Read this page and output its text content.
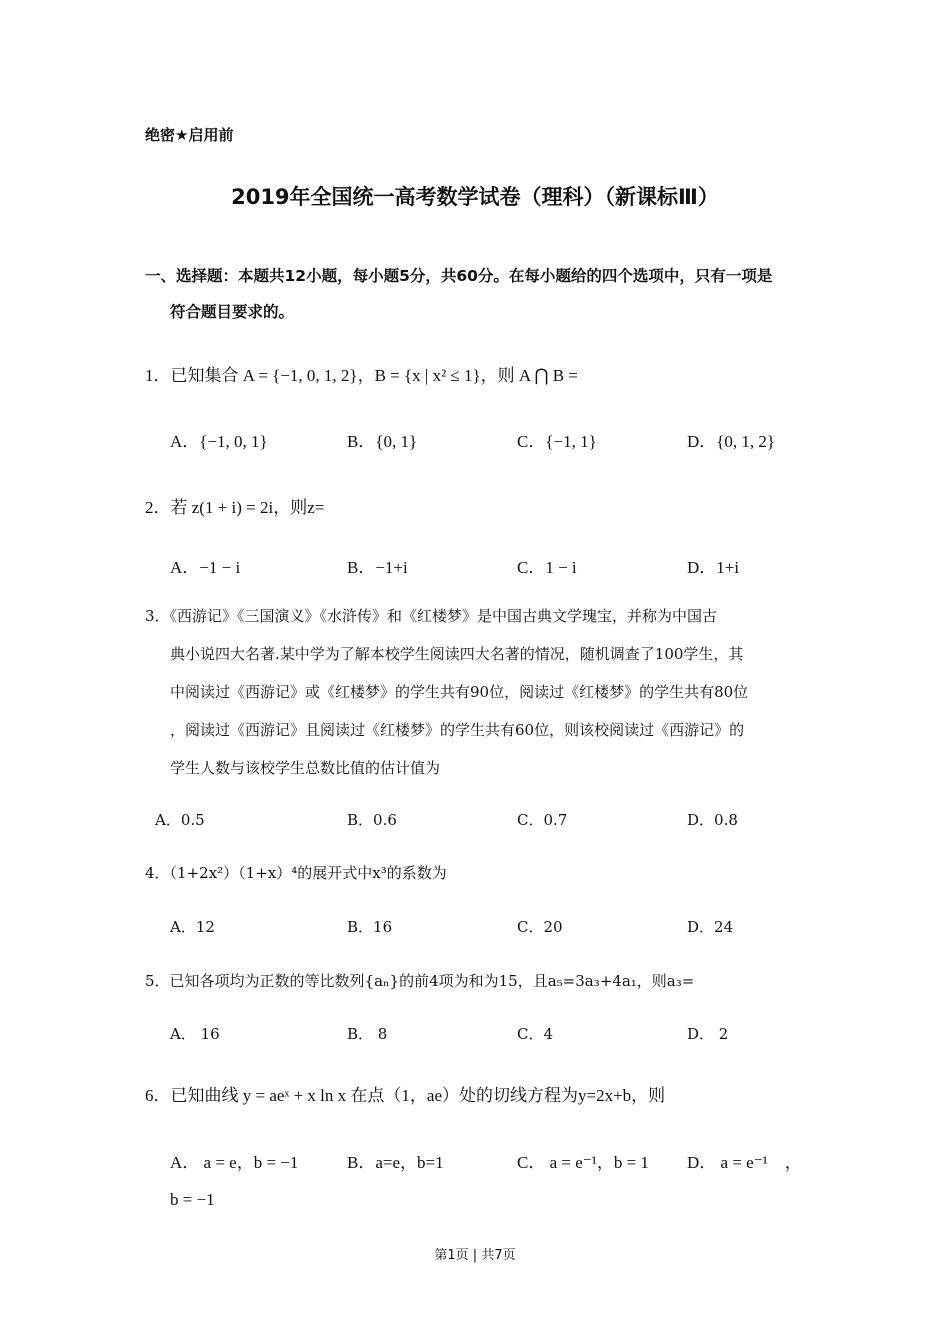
绝密★启用前
2019年全国统一高考数学试卷（理科）（新课标Ⅲ）
一、选择题：本题共12小题，每小题5分，共60分。在每小题给的四个选项中，只有一项是
符合题目要求的。
1．已知集合 A = {−1, 0, 1, 2}，B = {x | x² ≤ 1}，则 A ⋂ B =
A．{−1, 0, 1}	B．{0, 1}	C．{−1, 1}	D．{0, 1, 2}
2．若 z(1 + i) = 2i，则z=
A．−1 − i	B．−1+i	C．1 − i	D．1+i
3．《西游记》《三国演义》《水浒传》和《红楼梦》是中国古典文学瑰宝，并称为中国古
典小说四大名著.某中学为了解本校学生阅读四大名著的情况，随机调查了100学生，其
中阅读过《西游记》或《红楼梦》的学生共有90位，阅读过《红楼梦》的学生共有80位
，阅读过《西游记》且阅读过《红楼梦》的学生共有60位，则该校阅读过《西游记》的
学生人数与该校学生总数比值的估计值为
A．0.5	B．0.6	C．0.7	D．0.8
4．（1+2x²）（1+x）⁴的展开式中x³的系数为
A．12	B．16	C．20	D．24
5．已知各项均为正数的等比数列{aₙ}的前4项为和为15，且a₅=3a₃+4a₁，则a₃=
A． 16	B． 8	C．4	D． 2
6．已知曲线 y = aeˣ + x ln x 在点（1，ae）处的切线方程为y=2x+b，则
A． a = e，b = −1	B．a=e，b=1	C． a = e⁻¹，b = 1 D． a = e⁻¹　，
b = −1
第1页 | 共7页
